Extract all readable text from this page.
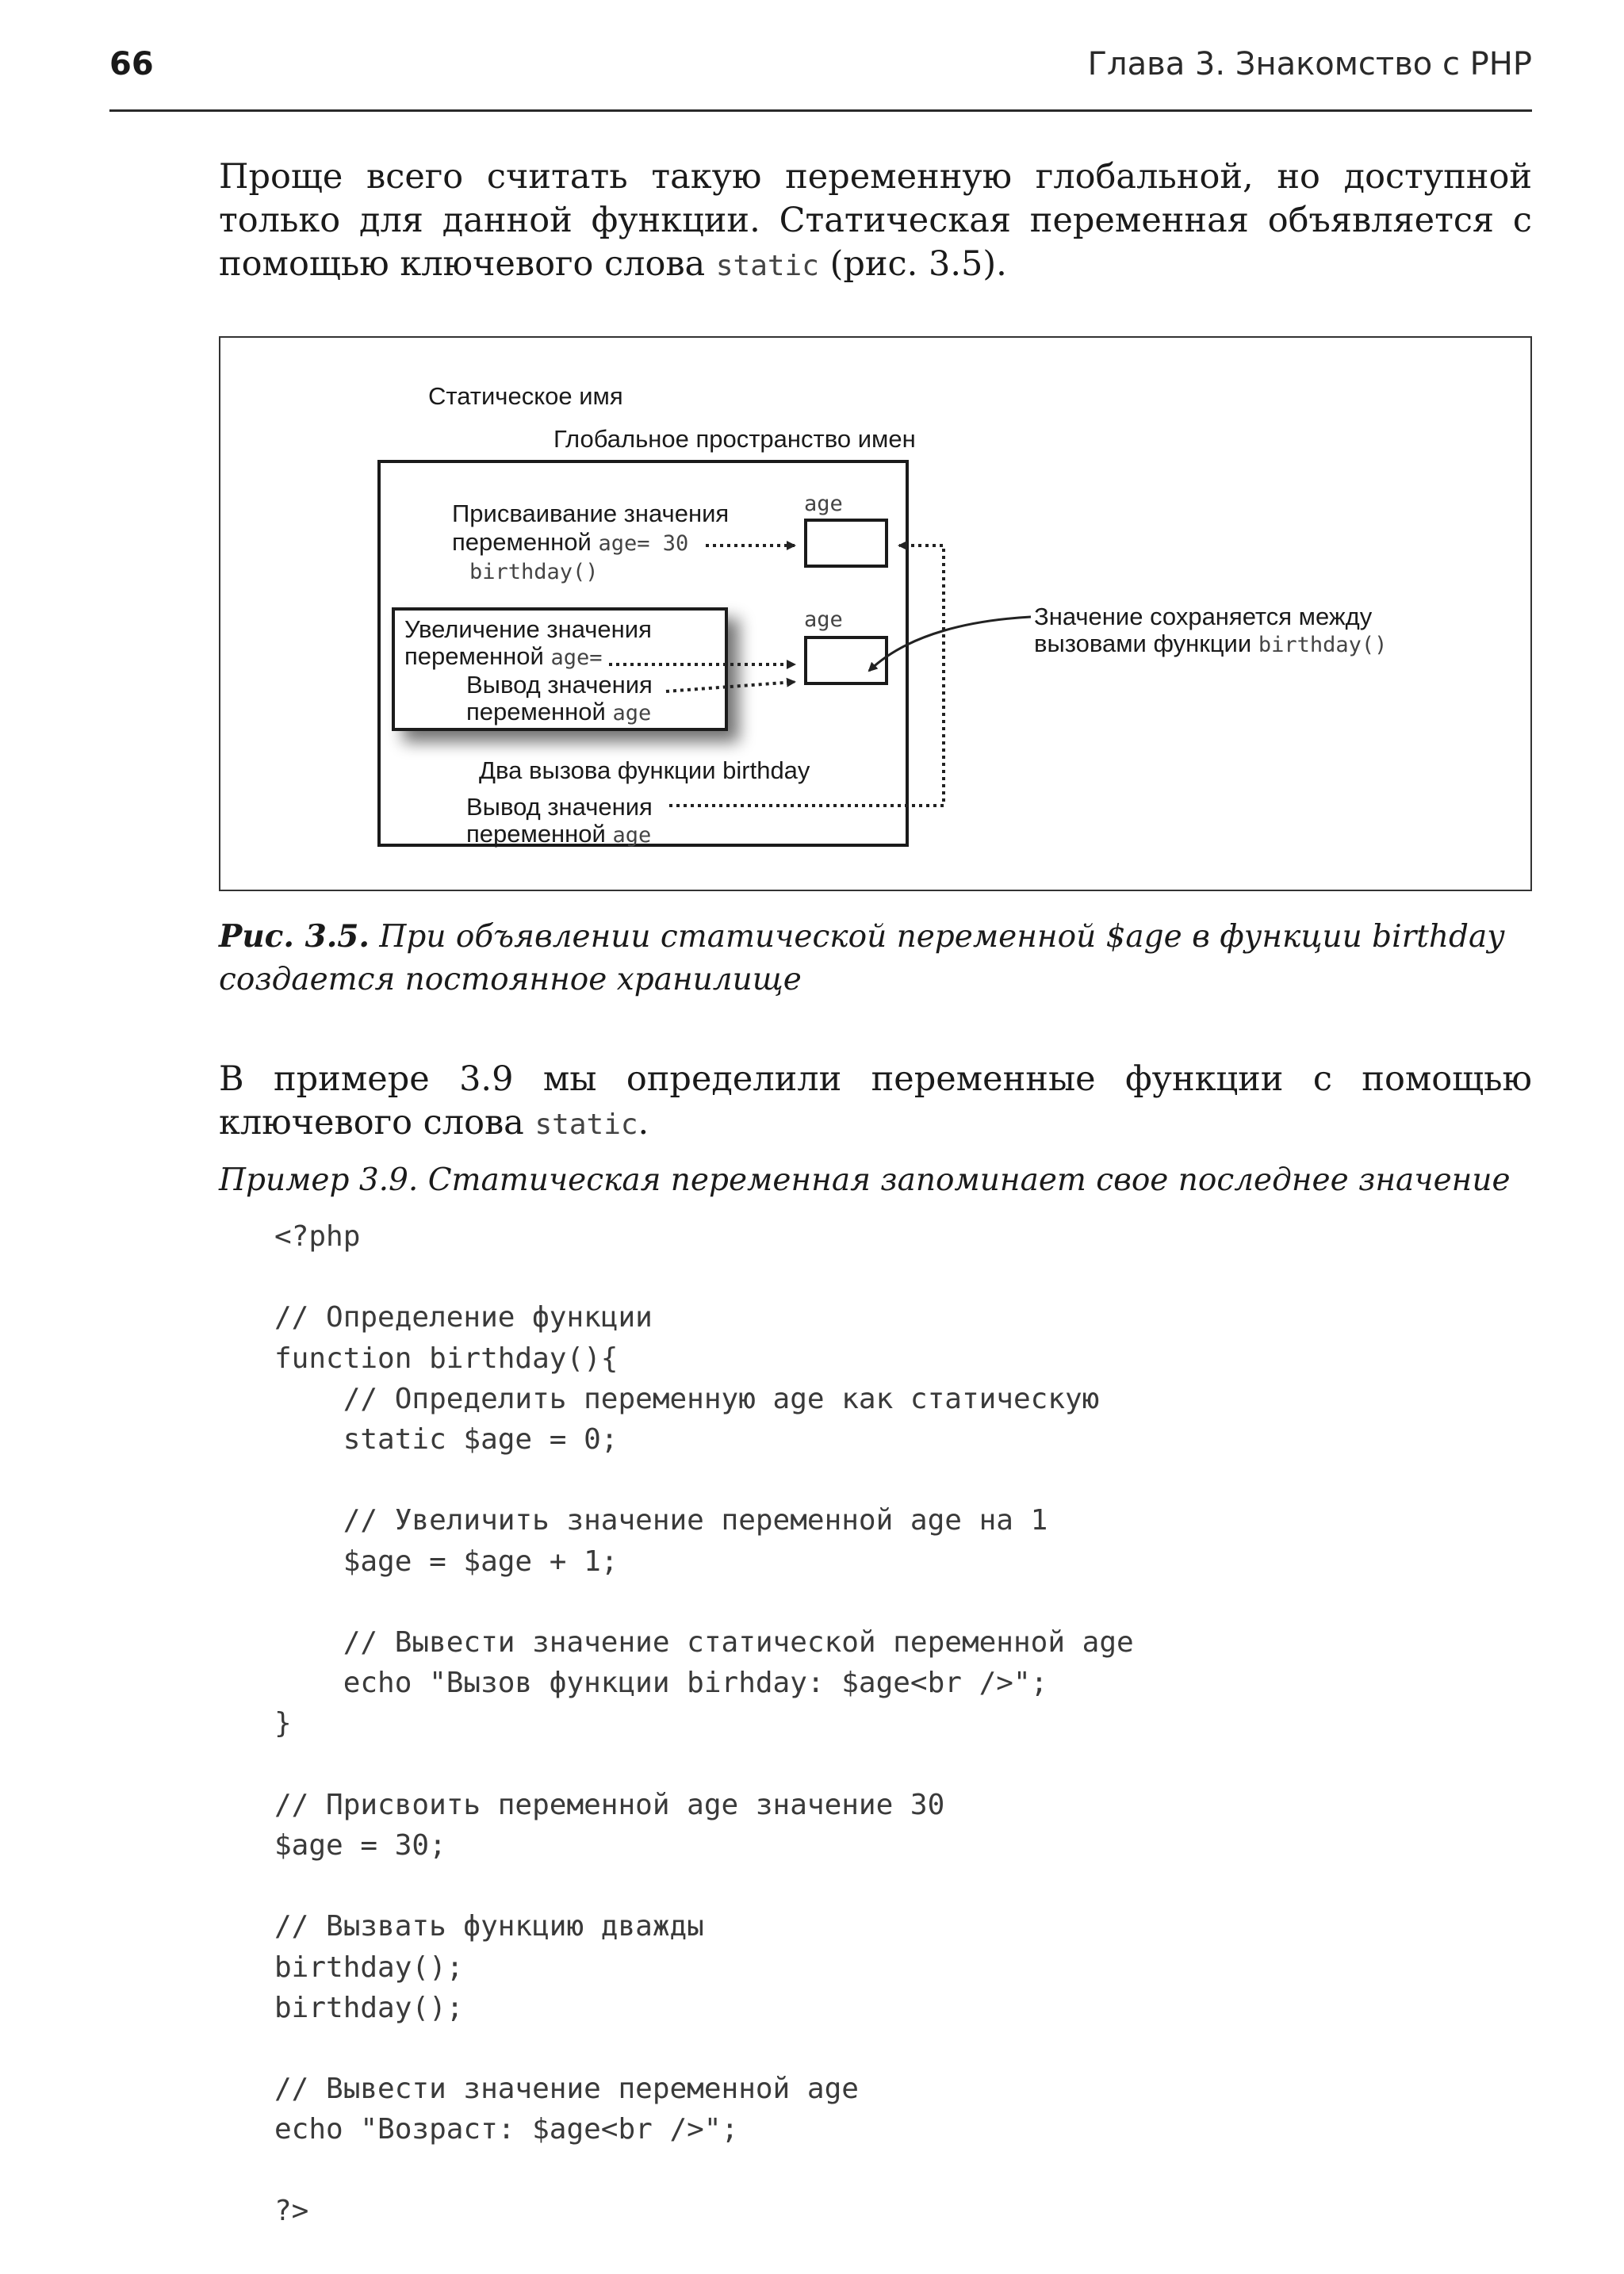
66	Глава 3. Знакомство с PHP

Проще всего считать такую переменную глобальной, но доступной только для данной функции. Статическая переменная объявляется с помощью ключевого слова static (рис. 3.5).

Статическое имя
Глобальное пространство имен
Присваивание значения
переменной age= 30
birthday()
age
age
Увеличение значения
переменной age=
Вывод значения
переменной age
Два вызова функции birthday
Вывод значения
переменной age
Значение сохраняется между
вызовами функции birthday()

Рис. 3.5. При объявлении статической переменной $age в функции birthday создается постоянное хранилище

В примере 3.9 мы определили переменные функции с помощью ключевого слова static.

Пример 3.9. Статическая переменная запоминает свое последнее значение
<?php

// Определение функции
function birthday(){
// Определить переменную age как статическую
static $age = 0;

// Увеличить значение переменной age на 1
$age = $age + 1;

// Вывести значение статической переменной age
echo "Вызов функции birhday: $age<br />";
}

// Присвоить переменной age значение 30
$age = 30;

// Вызвать функцию дважды
birthday();
birthday();

// Вывести значение переменной age
echo "Возраст: $age<br />";

?>
